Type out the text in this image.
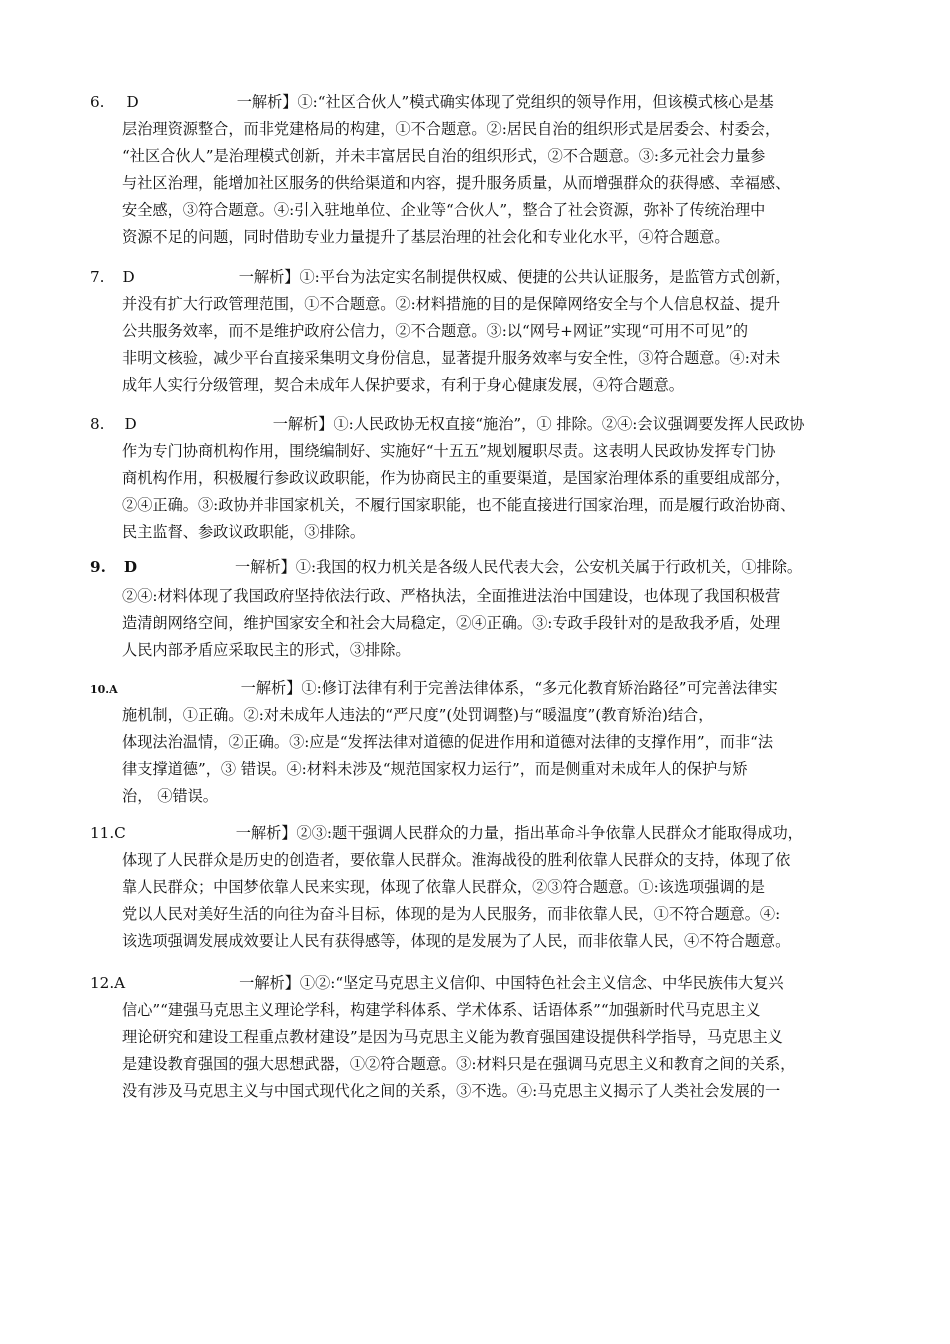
6. D	一解析】①:“社区合伙人”模式确实体现了党组织的领导作用，但该模式核心是基
层治理资源整合，而非党建格局的构建，①不合题意。②:居民自治的组织形式是居委会、村委会，
“社区合伙人”是治理模式创新，并未丰富居民自治的组织形式，②不合题意。③:多元社会力量参
与社区治理，能增加社区服务的供给渠道和内容，提升服务质量，从而增强群众的获得感、幸福感、
安全感，③符合题意。④:引入驻地单位、企业等“合伙人”，整合了社会资源，弥补了传统治理中
资源不足的问题，同时借助专业力量提升了基层治理的社会化和专业化水平，④符合题意。
7. D	一解析】①:平台为法定实名制提供权威、便捷的公共认证服务，是监管方式创新，
并没有扩大行政管理范围，①不合题意。②:材料措施的目的是保障网络安全与个人信息权益、提升
公共服务效率，而不是维护政府公信力，②不合题意。③:以“网号+网证”实现“可用不可见”的
非明文核验，减少平台直接采集明文身份信息，显著提升服务效率与安全性，③符合题意。④:对未
成年人实行分级管理，契合未成年人保护要求，有利于身心健康发展，④符合题意。
8. D	一解析】①:人民政协无权直接“施治”，① 排除。②④:会议强调要发挥人民政协
作为专门协商机构作用，围绕编制好、实施好“十五五”规划履职尽责。这表明人民政协发挥专门协
商机构作用，积极履行参政议政职能，作为协商民主的重要渠道，是国家治理体系的重要组成部分，
②④正确。③:政协并非国家机关，不履行国家职能，也不能直接进行国家治理，而是履行政治协商、
民主监督、参政议政职能，③排除。
9. D	一解析】①:我国的权力机关是各级人民代表大会，公安机关属于行政机关，①排除。
②④:材料体现了我国政府坚持依法行政、严格执法，全面推进法治中国建设，也体现了我国积极营
造清朗网络空间，维护国家安全和社会大局稳定，②④正确。③:专政手段针对的是敌我矛盾，处理
人民内部矛盾应采取民主的形式，③排除。
10.A	一解析】①:修订法律有利于完善法律体系，“多元化教育矫治路径”可完善法律实
施机制，①正确。②:对未成年人违法的“严尺度”(处罚调整)与“暖温度”(教育矫治)结合，
体现法治温情，②正确。③:应是“发挥法律对道德的促进作用和道德对法律的支撑作用”，而非“法
律支撑道德”，③ 错误。④:材料未涉及“规范国家权力运行”，而是侧重对未成年人的保护与矫
治， ④错误。
11.C	一解析】②③:题干强调人民群众的力量，指出革命斗争依靠人民群众才能取得成功，
体现了人民群众是历史的创造者，要依靠人民群众。淮海战役的胜利依靠人民群众的支持，体现了依
靠人民群众；中国梦依靠人民来实现，体现了依靠人民群众，②③符合题意。①:该选项强调的是
党以人民对美好生活的向往为奋斗目标，体现的是为人民服务，而非依靠人民，①不符合题意。④:
该选项强调发展成效要让人民有获得感等，体现的是发展为了人民，而非依靠人民，④不符合题意。
12.A	一解析】①②:“坚定马克思主义信仰、中国特色社会主义信念、中华民族伟大复兴
信心”“建强马克思主义理论学科，构建学科体系、学术体系、话语体系”“加强新时代马克思主义
理论研究和建设工程重点教材建设”是因为马克思主义能为教育强国建设提供科学指导，马克思主义
是建设教育强国的强大思想武器，①②符合题意。③:材料只是在强调马克思主义和教育之间的关系，
没有涉及马克思主义与中国式现代化之间的关系，③不选。④:马克思主义揭示了人类社会发展的一
